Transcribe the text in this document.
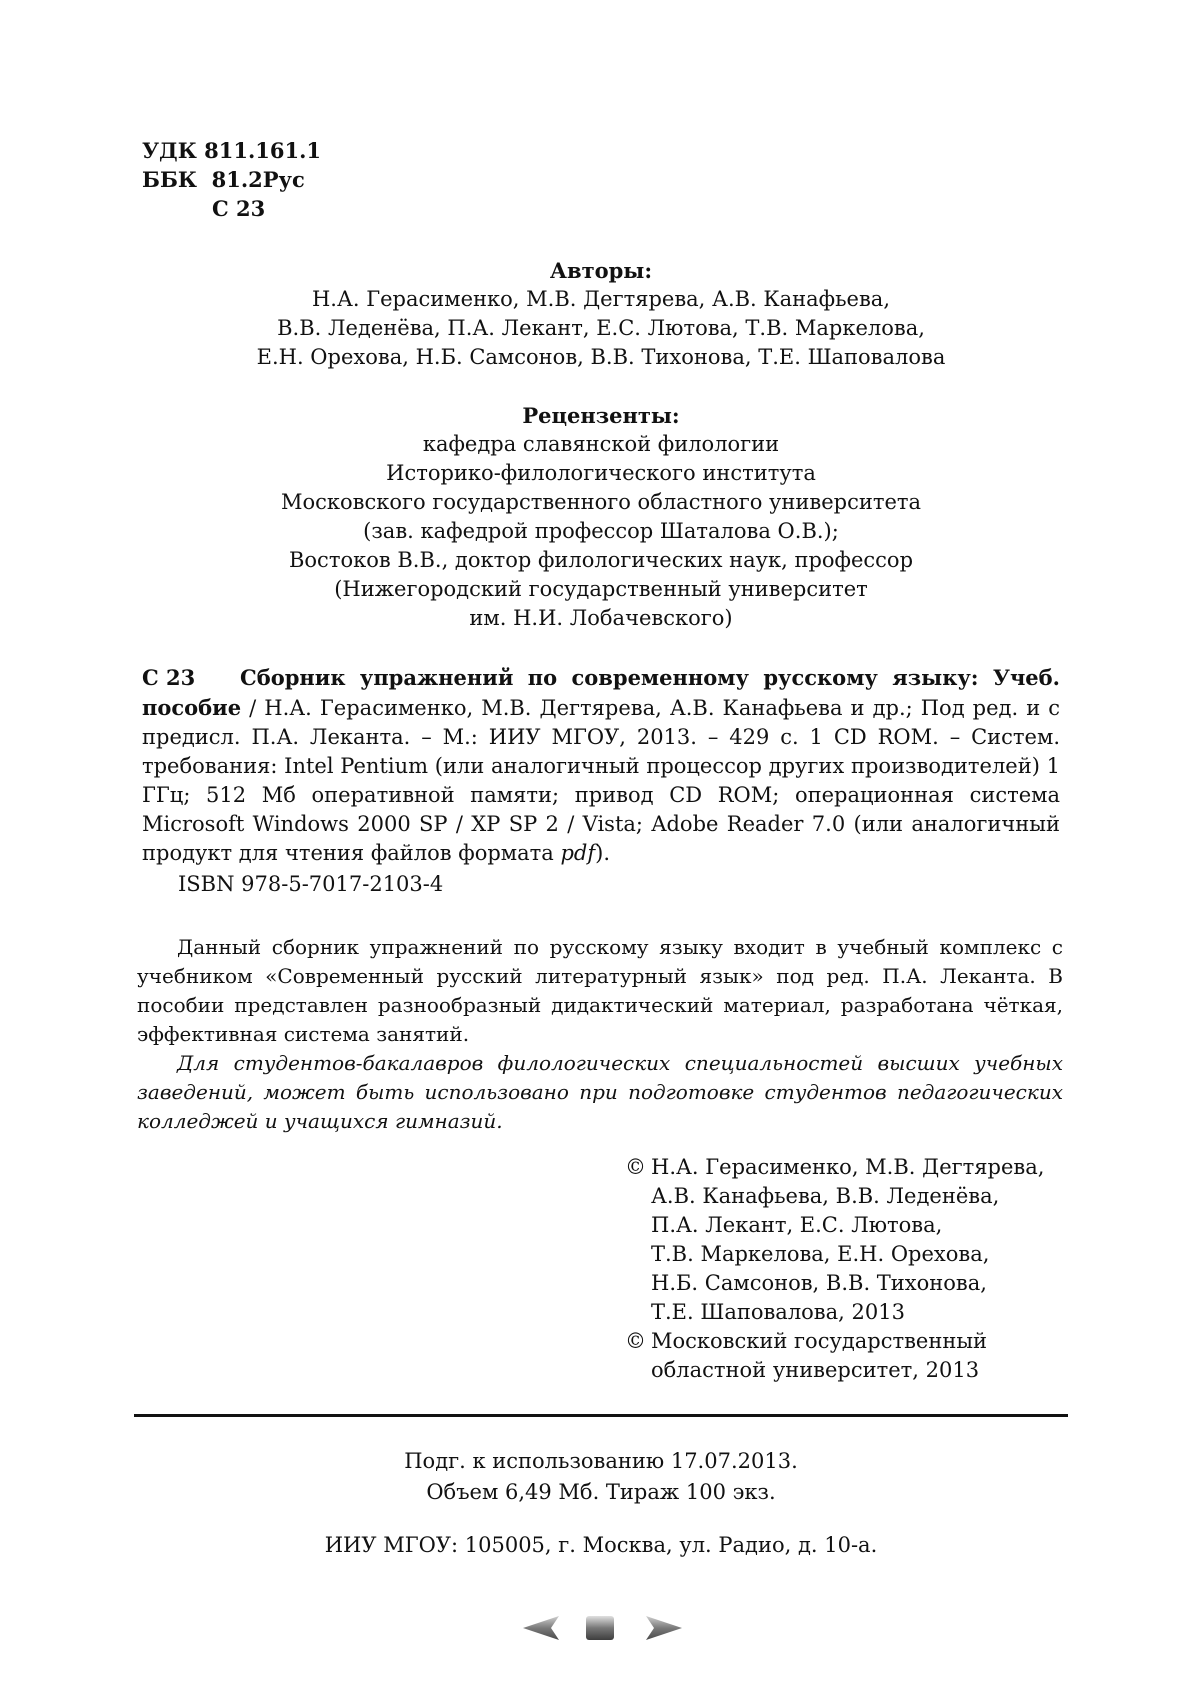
УДК 811.161.1
ББК  81.2Рус
С 23
Авторы:
Н.А. Герасименко, М.В. Дегтярева, А.В. Канафьева,
В.В. Леденёва, П.А. Лекант, Е.С. Лютова, Т.В. Маркелова,
Е.Н. Орехова, Н.Б. Самсонов, В.В. Тихонова, Т.Е. Шаповалова
Рецензенты:
кафедра славянской филологии
Историко-филологического института
Московского государственного областного университета
(зав. кафедрой профессор Шаталова О.В.);
Востоков В.В., доктор филологических наук, профессор
(Нижегородский государственный университет
им. Н.И. Лобачевского)
С 23 Сборник упражнений по современному русскому языку: Учеб. пособие / Н.А. Герасименко, М.В. Дегтярева, А.В. Канафьева и др.; Под ред. и с предисл. П.А. Леканта. – М.: ИИУ МГОУ, 2013. – 429 с. 1 CD ROM. – Систем. требования: Intel Pentium (или аналогичный процессор других производителей) 1 ГГц; 512 Мб оперативной памяти; привод CD ROM; операционная система Microsoft Windows 2000 SP / XP SP 2 / Vista; Adobe Reader 7.0 (или аналогичный продукт для чтения файлов формата pdf).
ISBN 978-5-7017-2103-4

Данный сборник упражнений по русскому языку входит в учебный комплекс с учебником «Современный русский литературный язык» под ред. П.А. Леканта. В пособии представлен разнообразный дидактический материал, разработана чёткая, эффективная система занятий.

Для студентов-бакалавров филологических специальностей высших учебных заведений, может быть использовано при подготовке студентов педагогических колледжей и учащихся гимназий.

© Н.А. Герасименко, М.В. Дегтярева,
А.В. Канафьева, В.В. Леденёва,
П.А. Лекант, Е.С. Лютова,
Т.В. Маркелова, Е.Н. Орехова,
Н.Б. Самсонов, В.В. Тихонова,
Т.Е. Шаповалова, 2013
© Московский государственный
областной университет, 2013
Подг. к использованию 17.07.2013.
Объем 6,49 Мб. Тираж 100 экз.
ИИУ МГОУ: 105005, г. Москва, ул. Радио, д. 10-а.
